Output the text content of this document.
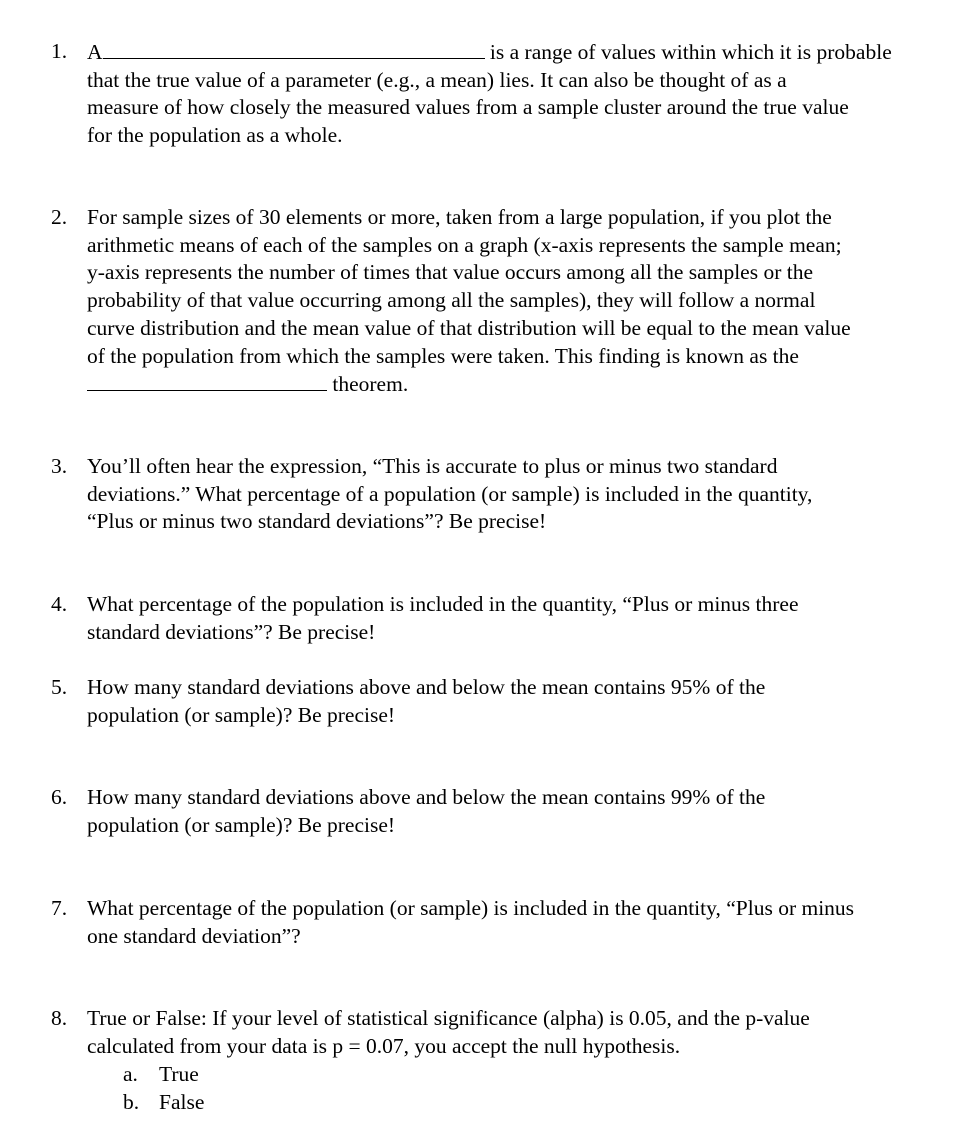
1. A	is a range of values within which it is probable
that the true value of a parameter (e.g., a mean) lies. It can also be thought of as a
measure of how closely the measured values from a sample cluster around the true value
for the population as a whole.
2. For sample sizes of 30 elements or more, taken from a large population, if you plot the
arithmetic means of each of the samples on a graph (x-axis represents the sample mean;
y-axis represents the number of times that value occurs among all the samples or the
probability of that value occurring among all the samples), they will follow a normal
curve distribution and the mean value of that distribution will be equal to the mean value
of the population from which the samples were taken. This finding is known as the
theorem.
3. You’ll often hear the expression, “This is accurate to plus or minus two standard
deviations.” What percentage of a population (or sample) is included in the quantity,
“Plus or minus two standard deviations”? Be precise!
4. What percentage of the population is included in the quantity, “Plus or minus three
standard deviations”? Be precise!
5. How many standard deviations above and below the mean contains 95% of the
population (or sample)? Be precise!
6. How many standard deviations above and below the mean contains 99% of the
population (or sample)? Be precise!
7. What percentage of the population (or sample) is included in the quantity, “Plus or minus
one standard deviation”?
8. True or False: If your level of statistical significance (alpha) is 0.05, and the p-value
calculated from your data is p = 0.07, you accept the null hypothesis.
a. True
b. False
